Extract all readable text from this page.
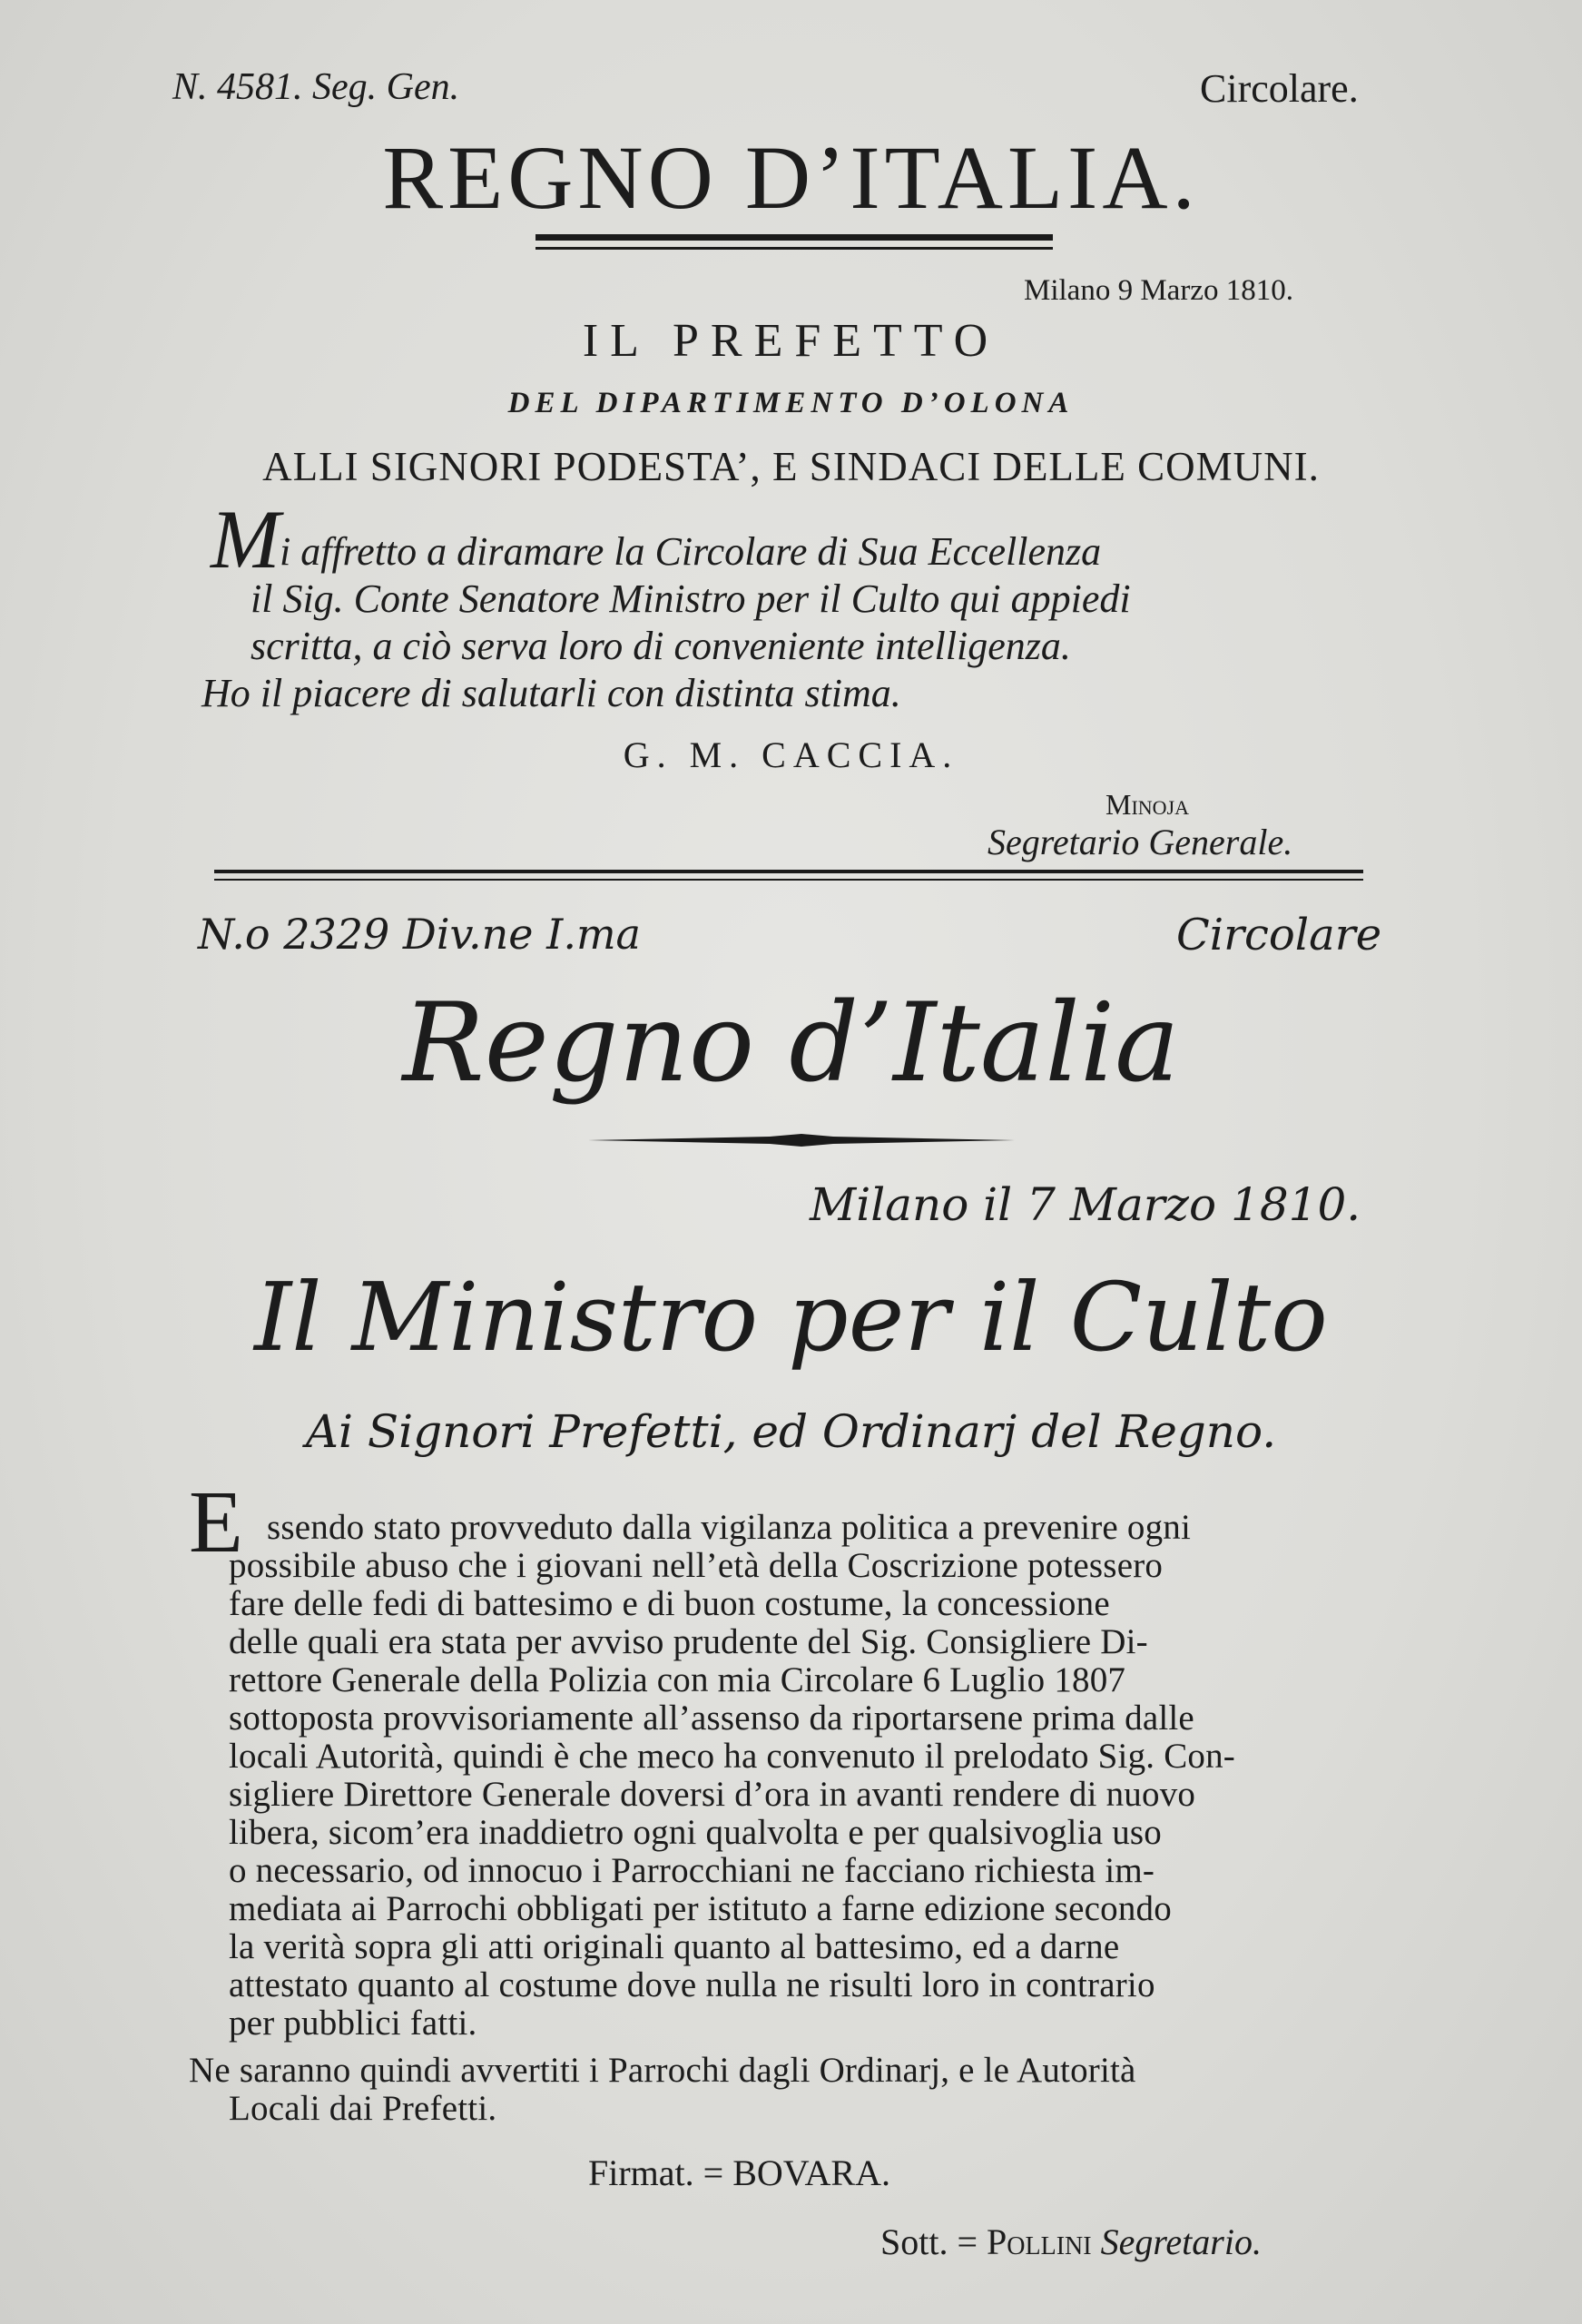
N. 4581. Seg. Gen.	Circolare.
REGNO D’ITALIA.
Milano 9 Marzo 1810.
IL PREFETTO
DEL DIPARTIMENTO D’OLONA
ALLI SIGNORI PODESTA’, E SINDACI DELLE COMUNI.
M i affretto a diramare la Circolare di Sua Eccellenza
il Sig. Conte Senatore Ministro per il Culto qui appiedi
scritta, a ciò serva loro di conveniente intelligenza.
Ho il piacere di salutarli con distinta stima.
G. M. CACCIA.
Minoja
Segretario Generale.
N.o 2329 Div.ne I.ma	Circolare
Regno d’Italia
Milano il 7 Marzo 1810.
Il Ministro per il Culto
Ai Signori Prefetti, ed Ordinarj del Regno.
E ssendo stato provveduto dalla vigilanza politica a prevenire ogni
possibile abuso che i giovani nell’età della Coscrizione potessero
fare delle fedi di battesimo e di buon costume, la concessione
delle quali era stata per avviso prudente del Sig. Consigliere Di-
rettore Generale della Polizia con mia Circolare 6 Luglio 1807
sottoposta provvisoriamente all’assenso da riportarsene prima dalle
locali Autorità, quindi è che meco ha convenuto il prelodato Sig. Con-
sigliere Direttore Generale doversi d’ora in avanti rendere di nuovo
libera, sicom’era inaddietro ogni qualvolta e per qualsivoglia uso
o necessario, od innocuo i Parrocchiani ne facciano richiesta im-
mediata ai Parrochi obbligati per istituto a farne edizione secondo
la verità sopra gli atti originali quanto al battesimo, ed a darne
attestato quanto al costume dove nulla ne risulti loro in contrario
per pubblici fatti.
Ne saranno quindi avvertiti i Parrochi dagli Ordinarj, e le Autorità
Locali dai Prefetti.
Firmat. = BOVARA.
Sott. = Pollini Segretario.
